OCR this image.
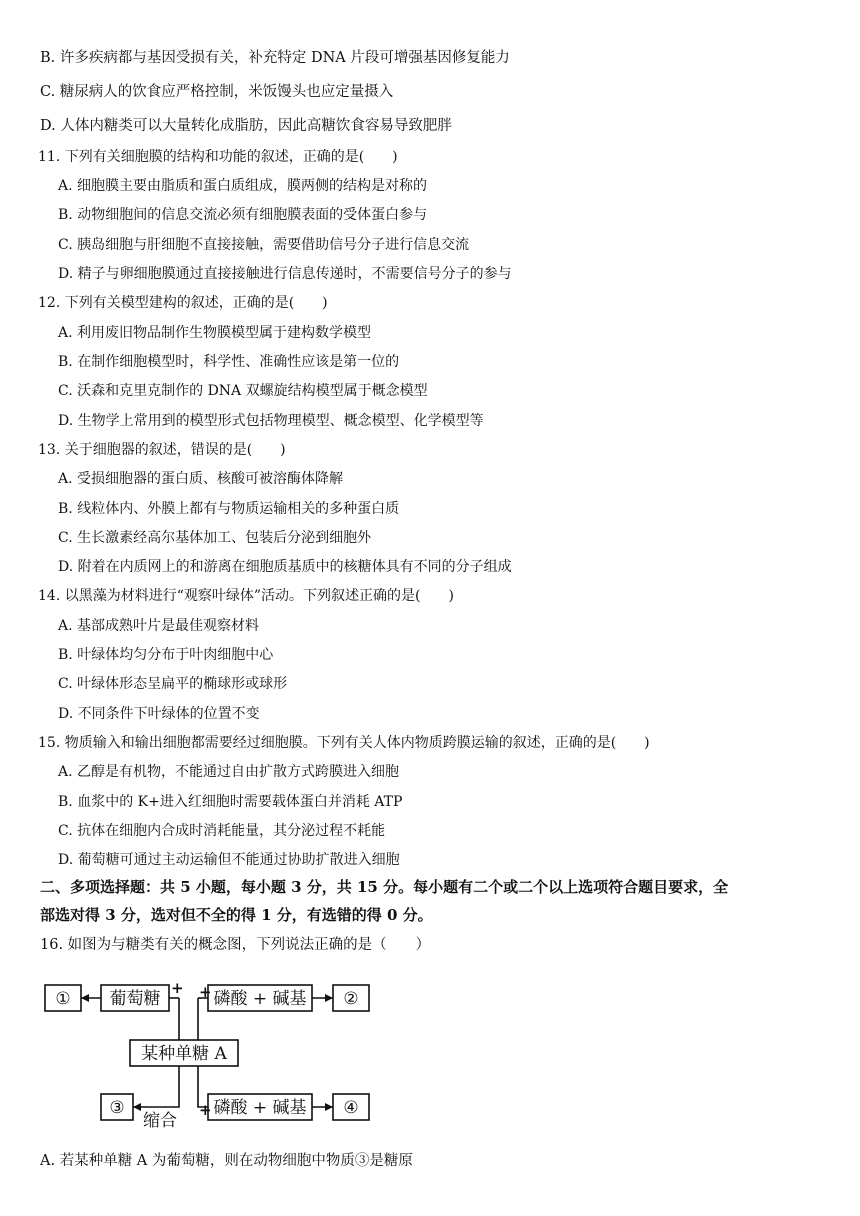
B. 许多疾病都与基因受损有关，补充特定 DNA 片段可增强基因修复能力
C. 糖尿病人的饮食应严格控制，米饭馒头也应定量摄入
D. 人体内糖类可以大量转化成脂肪，因此高糖饮食容易导致肥胖
11. 下列有关细胞膜的结构和功能的叙述，正确的是(　　)
A. 细胞膜主要由脂质和蛋白质组成，膜两侧的结构是对称的
B. 动物细胞间的信息交流必须有细胞膜表面的受体蛋白参与
C. 胰岛细胞与肝细胞不直接接触，需要借助信号分子进行信息交流
D. 精子与卵细胞膜通过直接接触进行信息传递时，不需要信号分子的参与
12. 下列有关模型建构的叙述，正确的是(　　)
A. 利用废旧物品制作生物膜模型属于建构数学模型
B. 在制作细胞模型时，科学性、准确性应该是第一位的
C. 沃森和克里克制作的 DNA 双螺旋结构模型属于概念模型
D. 生物学上常用到的模型形式包括物理模型、概念模型、化学模型等
13. 关于细胞器的叙述，错误的是(　　)
A. 受损细胞器的蛋白质、核酸可被溶酶体降解
B. 线粒体内、外膜上都有与物质运输相关的多种蛋白质
C. 生长激素经高尔基体加工、包装后分泌到细胞外
D. 附着在内质网上的和游离在细胞质基质中的核糖体具有不同的分子组成
14. 以黑藻为材料进行“观察叶绿体”活动。下列叙述正确的是(　　)
A. 基部成熟叶片是最佳观察材料
B. 叶绿体均匀分布于叶肉细胞中心
C. 叶绿体形态呈扁平的椭球形或球形
D. 不同条件下叶绿体的位置不变
15. 物质输入和输出细胞都需要经过细胞膜。下列有关人体内物质跨膜运输的叙述，正确的是(　　)
A. 乙醇是有机物，不能通过自由扩散方式跨膜进入细胞
B. 血浆中的 K+进入红细胞时需要载体蛋白并消耗 ATP
C. 抗体在细胞内合成时消耗能量，其分泌过程不耗能
D. 葡萄糖可通过主动运输但不能通过协助扩散进入细胞
二、多项选择题：共 5 小题，每小题 3 分，共 15 分。每小题有二个或二个以上选项符合题目要求，全
部选对得 3 分，选对但不全的得 1 分，有选错的得 0 分。
16. 如图为与糖类有关的概念图，下列说法正确的是（　　）
① 葡萄糖	磷酸 + 碱基 ②
某种单糖 A
③	磷酸 + 碱基 ④
缩合
+ +
+
A. 若某种单糖 A 为葡萄糖，则在动物细胞中物质③是糖原
